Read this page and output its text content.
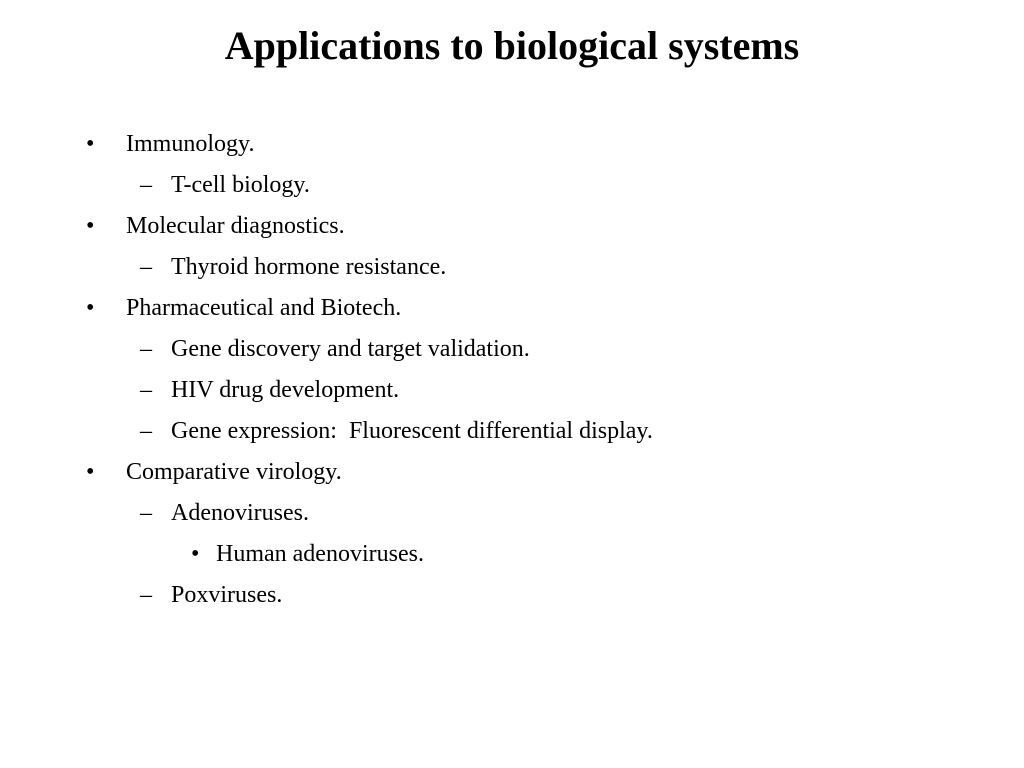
Applications to biological systems

•

Immunology.

–

T-cell biology.

•

Molecular diagnostics.

–

Thyroid hormone resistance.

•

Pharmaceutical and Biotech.

–

Gene discovery and target validation.

–

HIV drug development.

–

Gene expression:  Fluorescent differential display.

•

Comparative virology.

–

Adenoviruses.

•

Human adenoviruses.

–

Poxviruses.
